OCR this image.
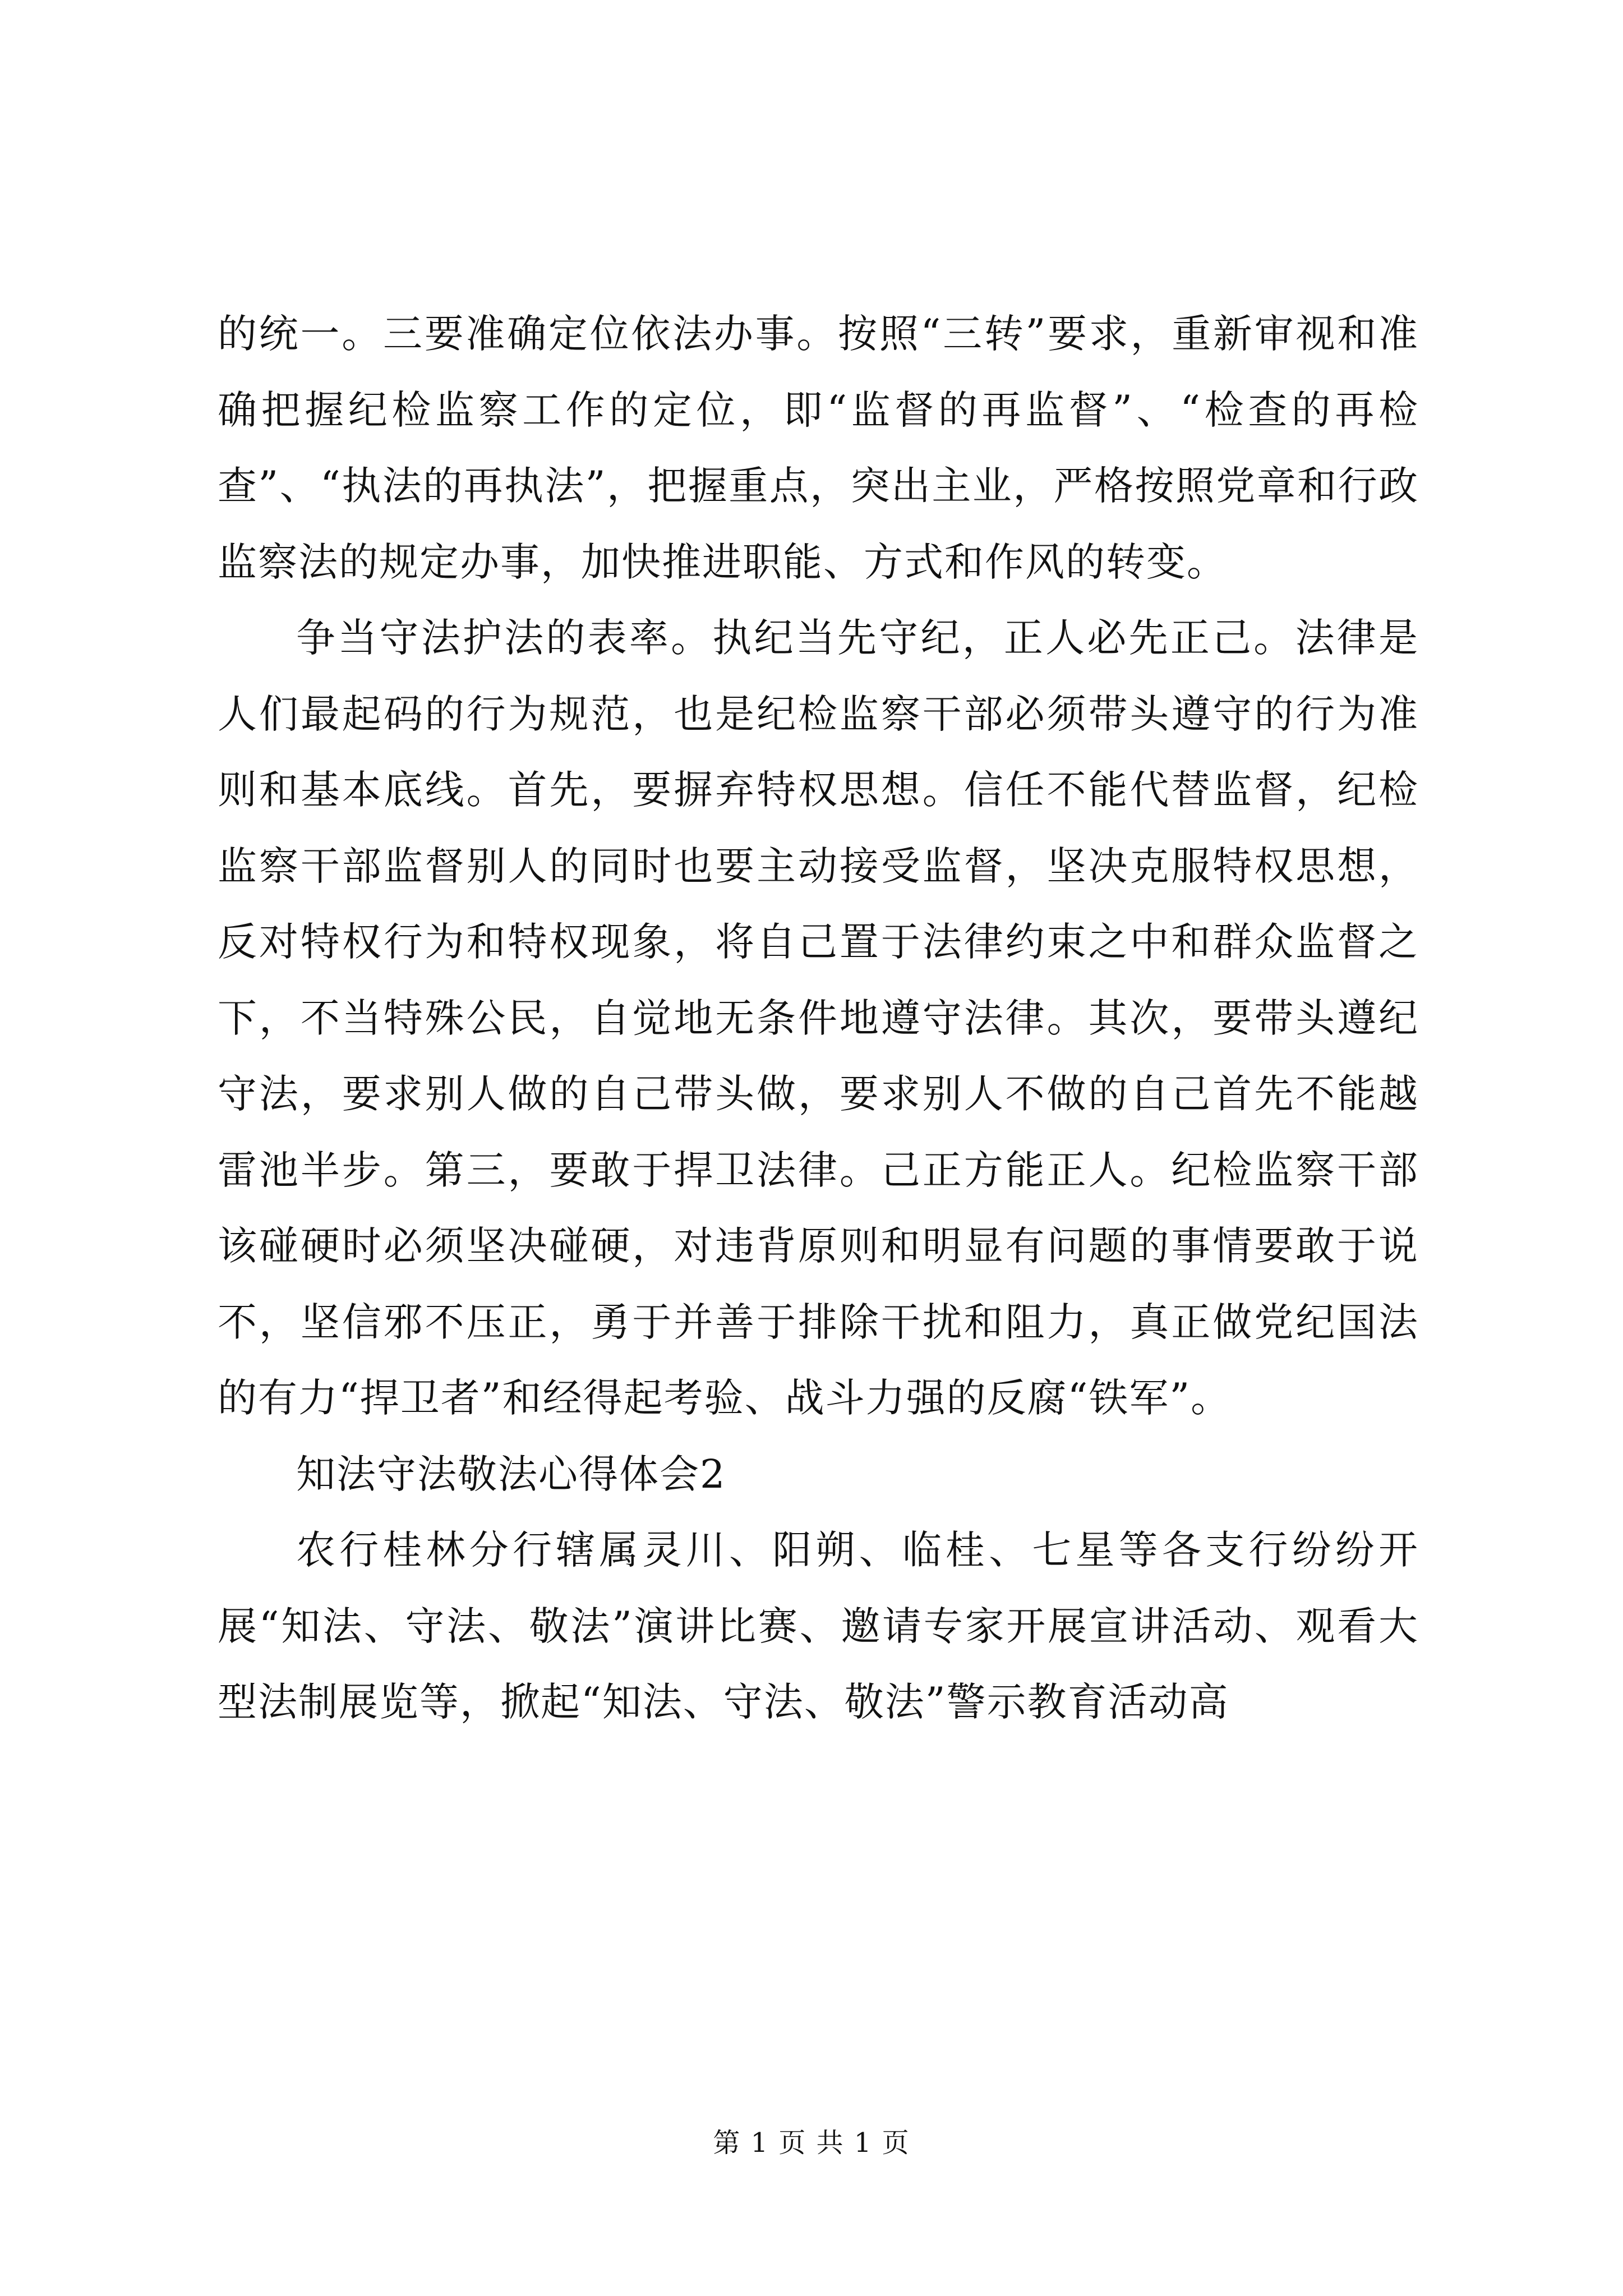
的统一。三要准确定位依法办事。按照“三转”要求，重新审视和准确把握纪检监察工作的定位，即“监督的再监督”、“检查的再检查”、“执法的再执法”，把握重点，突出主业，严格按照党章和行政监察法的规定办事，加快推进职能、方式和作风的转变。

争当守法护法的表率。执纪当先守纪，正人必先正己。法律是人们最起码的行为规范，也是纪检监察干部必须带头遵守的行为准则和基本底线。首先，要摒弃特权思想。信任不能代替监督，纪检监察干部监督别人的同时也要主动接受监督，坚决克服特权思想，反对特权行为和特权现象，将自己置于法律约束之中和群众监督之下，不当特殊公民，自觉地无条件地遵守法律。其次，要带头遵纪守法，要求别人做的自己带头做，要求别人不做的自己首先不能越雷池半步。第三，要敢于捍卫法律。己正方能正人。纪检监察干部该碰硬时必须坚决碰硬，对违背原则和明显有问题的事情要敢于说不，坚信邪不压正，勇于并善于排除干扰和阻力，真正做党纪国法的有力“捍卫者”和经得起考验、战斗力强的反腐“铁军”。

知法守法敬法心得体会2

农行桂林分行辖属灵川、阳朔、临桂、七星等各支行纷纷开展“知法、守法、敬法”演讲比赛、邀请专家开展宣讲活动、观看大型法制展览等，掀起“知法、守法、敬法”警示教育活动高

第 1 页 共 1 页
